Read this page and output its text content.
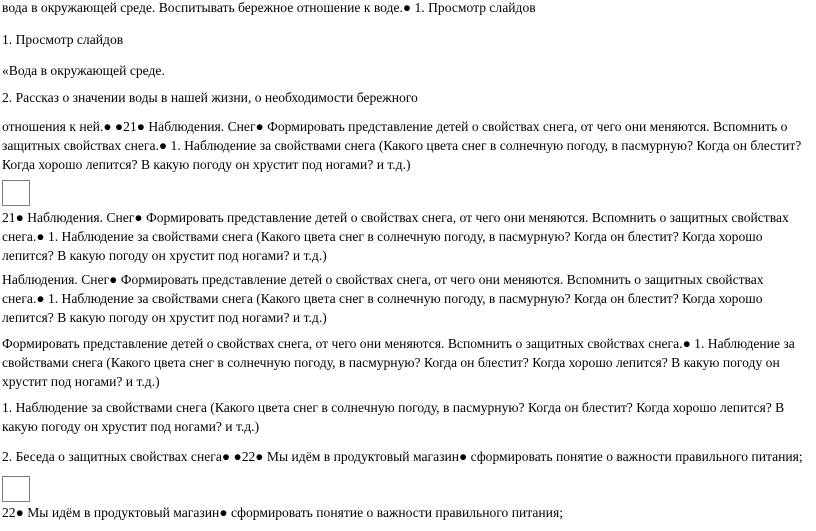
вода в окружающей среде. Воспитывать бережное отношение к воде.● 1. Просмотр слайдов

1. Просмотр слайдов

«Вода в окружающей среде.

2. Рассказ о значении воды в нашей жизни, о необходимости бережного

отношения к ней.● ●21● Наблюдения. Снег● Формировать представление детей о свойствах снега, от чего они меняются. Вспомнить о защитных свойствах снега.● 1. Наблюдение за свойствами снега (Какого цвета снег в солнечную погоду, в пасмурную? Когда он блестит? Когда хорошо лепится? В какую погоду он хрустит под ногами? и т.д.)

21● Наблюдения. Снег● Формировать представление детей о свойствах снега, от чего они меняются. Вспомнить о защитных свойствах снега.● 1. Наблюдение за свойствами снега (Какого цвета снег в солнечную погоду, в пасмурную? Когда он блестит? Когда хорошо лепится? В какую погоду он хрустит под ногами? и т.д.)

Наблюдения. Снег● Формировать представление детей о свойствах снега, от чего они меняются. Вспомнить о защитных свойствах снега.● 1. Наблюдение за свойствами снега (Какого цвета снег в солнечную погоду, в пасмурную? Когда он блестит? Когда хорошо лепится? В какую погоду он хрустит под ногами? и т.д.)

Формировать представление детей о свойствах снега, от чего они меняются. Вспомнить о защитных свойствах снега.● 1. Наблюдение за свойствами снега (Какого цвета снег в солнечную погоду, в пасмурную? Когда он блестит? Когда хорошо лепится? В какую погоду он хрустит под ногами? и т.д.)

1. Наблюдение за свойствами снега (Какого цвета снег в солнечную погоду, в пасмурную? Когда он блестит? Когда хорошо лепится? В какую погоду он хрустит под ногами? и т.д.)

2. Беседа о защитных свойствах снега● ●22● Мы идём в продуктовый магазин● сформировать понятие о важности правильного питания;

22● Мы идём в продуктовый магазин● сформировать понятие о важности правильного питания;
